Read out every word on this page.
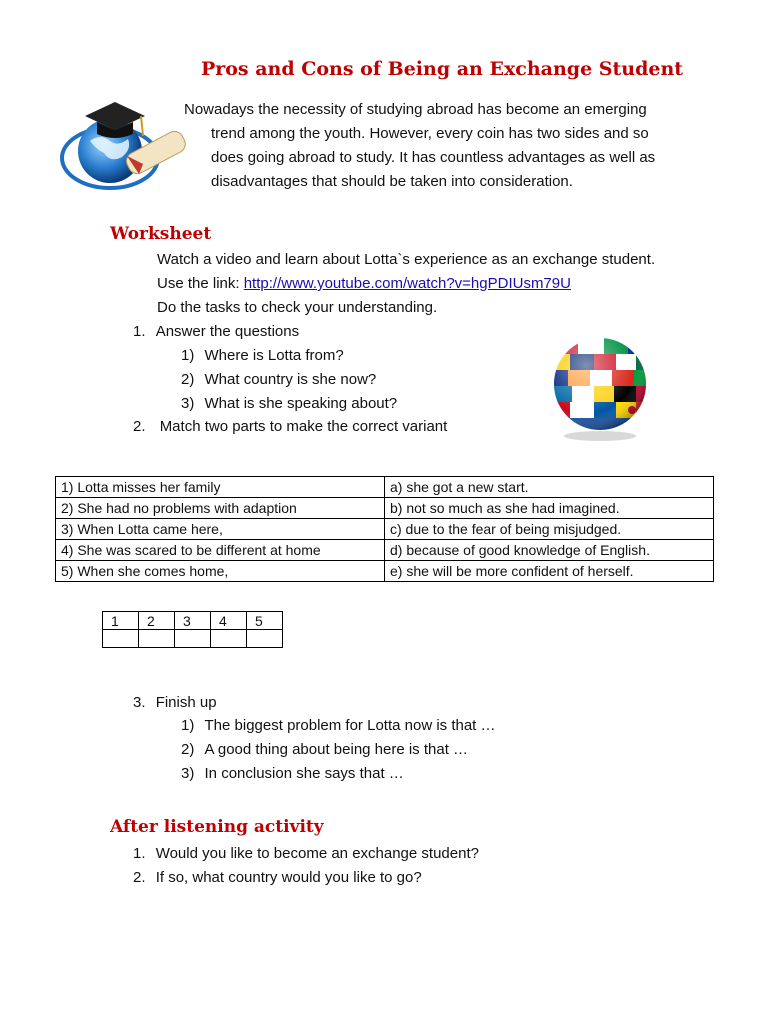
Pros and Cons of Being an Exchange Student
Nowadays the necessity of studying abroad has become an emerging
trend among the youth. However, every coin has two sides and so
does going abroad to study. It has countless advantages as well as
disadvantages that should be taken into consideration.
Worksheet
Watch a video and learn about Lotta`s experience as an exchange student.
Use the link: http://www.youtube.com/watch?v=hgPDIUsm79U
Do the tasks to check your understanding.
1. Answer the questions
1) Where is Lotta from?
2) What country is she now?
3) What is she speaking about?
2. Match two parts to make the correct variant
1) Lotta misses her family	a) she got a new start.
2) She had no problems with adaption	b) not so much as she had imagined.
3) When Lotta came here,	c) due to the fear of being misjudged.
4) She was scared to be different at home	d) because of good knowledge of English.
5) When she comes home,	e) she will be more confident of herself.
1	2	3	4	5

3. Finish up
1) The biggest problem for Lotta now is that …
2) A good thing about being here is that …
3) In conclusion she says that …
After listening activity
1. Would you like to become an exchange student?
2. If so, what country would you like to go?
